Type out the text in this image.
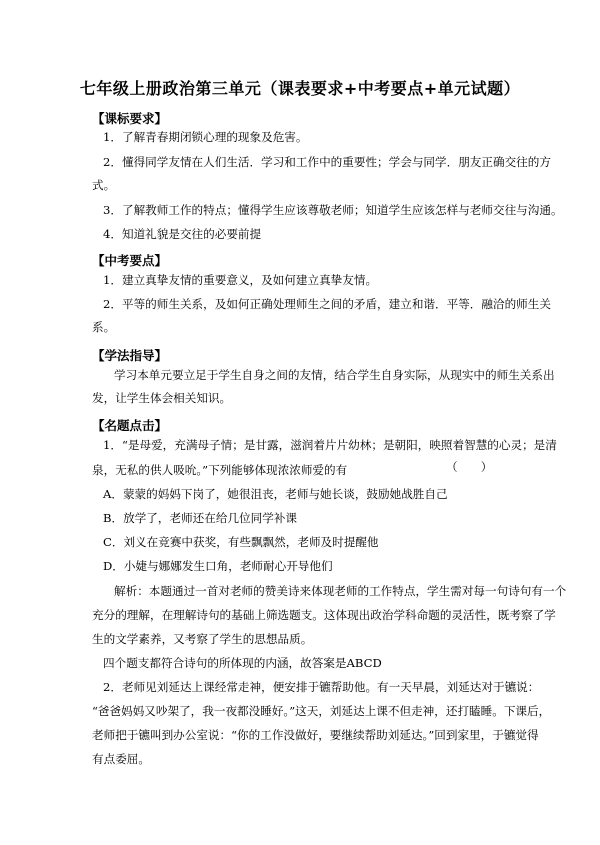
七年级上册政治第三单元（课表要求+中考要点+单元试题）
【课标要求】
1．了解青春期闭锁心理的现象及危害。
2．懂得同学友情在人们生活．学习和工作中的重要性；学会与同学．朋友正确交往的方
式。
3．了解教师工作的特点；懂得学生应该尊敬老师；知道学生应该怎样与老师交往与沟通。
4．知道礼貌是交往的必要前提
【中考要点】
1．建立真挚友情的重要意义，及如何建立真挚友情。
2．平等的师生关系，及如何正确处理师生之间的矛盾，建立和谐．平等．融洽的师生关
系。
【学法指导】
学习本单元要立足于学生自身之间的友情，结合学生自身实际，从现实中的师生关系出
发，让学生体会相关知识。
【名题点击】
1．“是母爱，充满母子情；是甘露，滋润着片片幼林；是朝阳，映照着智慧的心灵；是清
泉，无私的供人吸吮。”下列能够体现浓浓师爱的有	（　　）
A．蒙蒙的妈妈下岗了，她很沮丧，老师与她长谈，鼓励她战胜自己
B．放学了，老师还在给几位同学补课
C．刘义在竞赛中获奖，有些飘飘然，老师及时提醒他
D．小婕与娜娜发生口角，老师耐心开导他们
解析：本题通过一首对老师的赞美诗来体现老师的工作特点，学生需对每一句诗句有一个
充分的理解，在理解诗句的基础上筛选题支。这体现出政治学科命题的灵活性，既考察了学
生的文学素养，又考察了学生的思想品质。
四个题支都符合诗句的所体现的内涵，故答案是ABCD
2．老师见刘延达上课经常走神，便安排于镳帮助他。有一天早晨，刘延达对于镳说：
“爸爸妈妈又吵架了，我一夜都没睡好。”这天，刘延达上课不但走神，还打瞌睡。下课后，
老师把于镳叫到办公室说：“你的工作没做好，要继续帮助刘延达。”回到家里，于镳觉得
有点委屈。
